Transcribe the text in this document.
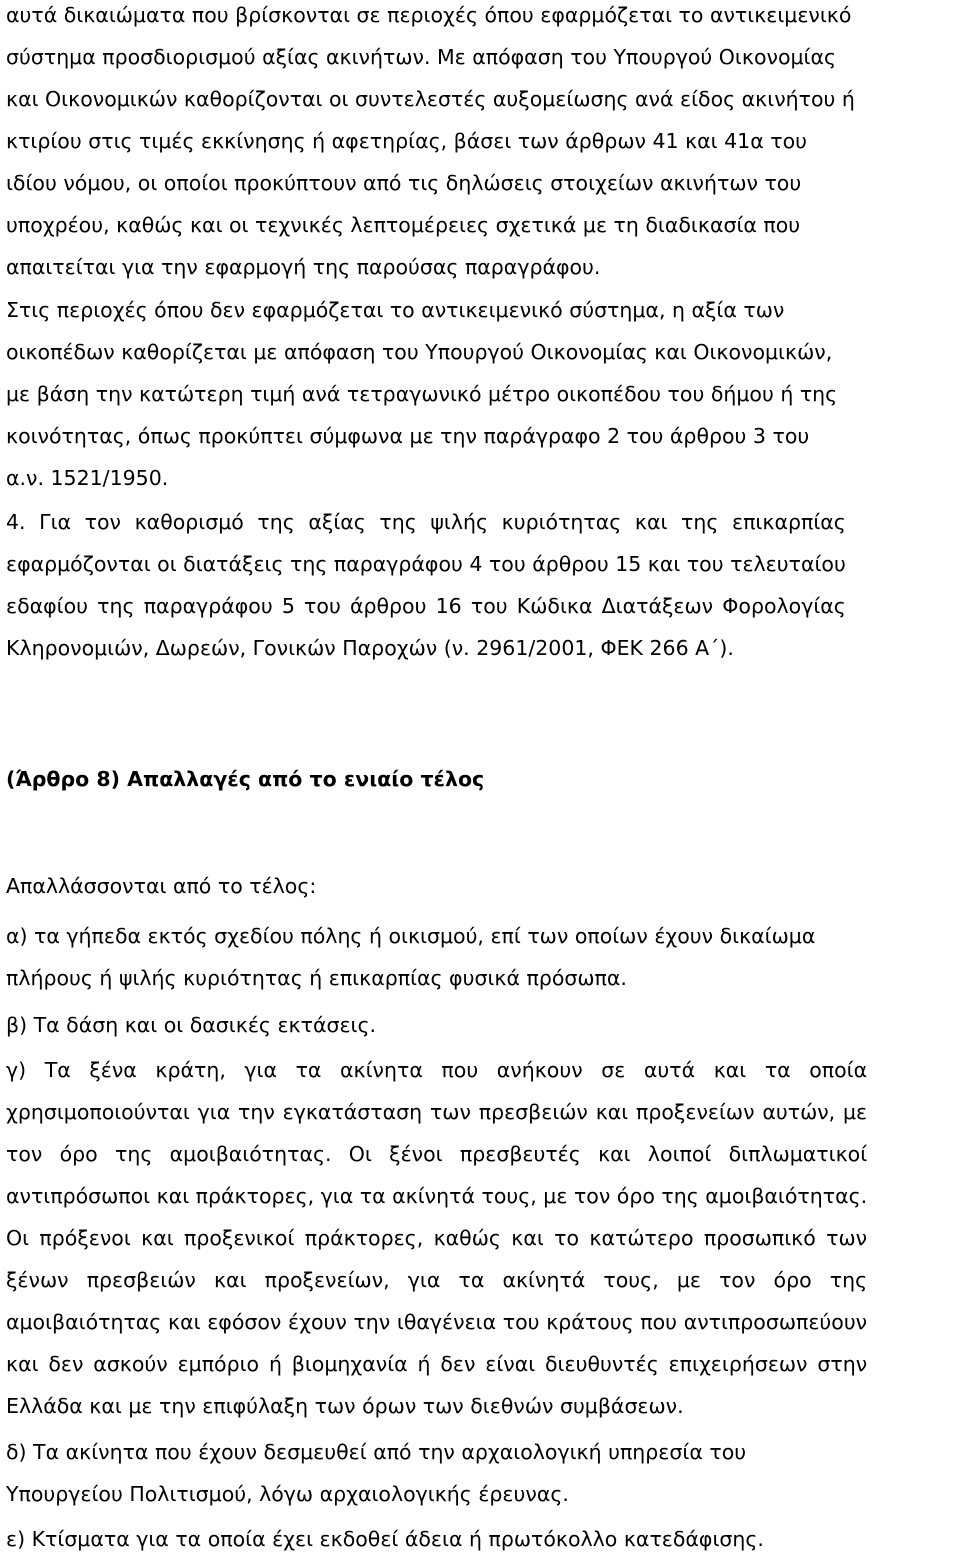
αυτά δικαιώματα που βρίσκονται σε περιοχές όπου εφαρμόζεται το αντικειμενικό
σύστημα προσδιορισμού αξίας ακινήτων. Με απόφαση του Υπουργού Οικονομίας
και Οικονομικών καθορίζονται οι συντελεστές αυξομείωσης ανά είδος ακινήτου ή
κτιρίου στις τιμές εκκίνησης ή αφετηρίας, βάσει των άρθρων 41 και 41α του
ιδίου νόμου, οι οποίοι προκύπτουν από τις δηλώσεις στοιχείων ακινήτων του
υποχρέου, καθώς και οι τεχνικές λεπτομέρειες σχετικά με τη διαδικασία που
απαιτείται για την εφαρμογή της παρούσας παραγράφου.
Στις περιοχές όπου δεν εφαρμόζεται το αντικειμενικό σύστημα, η αξία των
οικοπέδων καθορίζεται με απόφαση του Υπουργού Οικονομίας και Οικονομικών,
με βάση την κατώτερη τιμή ανά τετραγωνικό μέτρο οικοπέδου του δήμου ή της
κοινότητας, όπως προκύπτει σύμφωνα με την παράγραφο 2 του άρθρου 3 του
α.ν. 1521/1950.
4. Για τον καθορισμό της αξίας της ψιλής κυριότητας και της επικαρπίας
εφαρμόζονται οι διατάξεις της παραγράφου 4 του άρθρου 15 και του τελευταίου
εδαφίου της παραγράφου 5 του άρθρου 16 του Κώδικα Διατάξεων Φορολογίας
Κληρονομιών, Δωρεών, Γονικών Παροχών (ν. 2961/2001, ΦΕΚ 266 Α΄).
(Άρθρο 8) Απαλλαγές από το ενιαίο τέλος
Απαλλάσσονται από το τέλος:
α) τα γήπεδα εκτός σχεδίου πόλης ή οικισμού, επί των οποίων έχουν δικαίωμα
πλήρους ή ψιλής κυριότητας ή επικαρπίας φυσικά πρόσωπα.
β) Τα δάση και οι δασικές εκτάσεις.
γ) Τα ξένα κράτη, για τα ακίνητα που ανήκουν σε αυτά και τα οποία
χρησιμοποιούνται για την εγκατάσταση των πρεσβειών και προξενείων αυτών, με
τον όρο της αμοιβαιότητας. Οι ξένοι πρεσβευτές και λοιποί διπλωματικοί
αντιπρόσωποι και πράκτορες, για τα ακίνητά τους, με τον όρο της αμοιβαιότητας.
Οι πρόξενοι και προξενικοί πράκτορες, καθώς και το κατώτερο προσωπικό των
ξένων πρεσβειών και προξενείων, για τα ακίνητά τους, με τον όρο της
αμοιβαιότητας και εφόσον έχουν την ιθαγένεια του κράτους που αντιπροσωπεύουν
και δεν ασκούν εμπόριο ή βιομηχανία ή δεν είναι διευθυντές επιχειρήσεων στην
Ελλάδα και με την επιφύλαξη των όρων των διεθνών συμβάσεων.
δ) Τα ακίνητα που έχουν δεσμευθεί από την αρχαιολογική υπηρεσία του
Υπουργείου Πολιτισμού, λόγω αρχαιολογικής έρευνας.
ε) Κτίσματα για τα οποία έχει εκδοθεί άδεια ή πρωτόκολλο κατεδάφισης.
